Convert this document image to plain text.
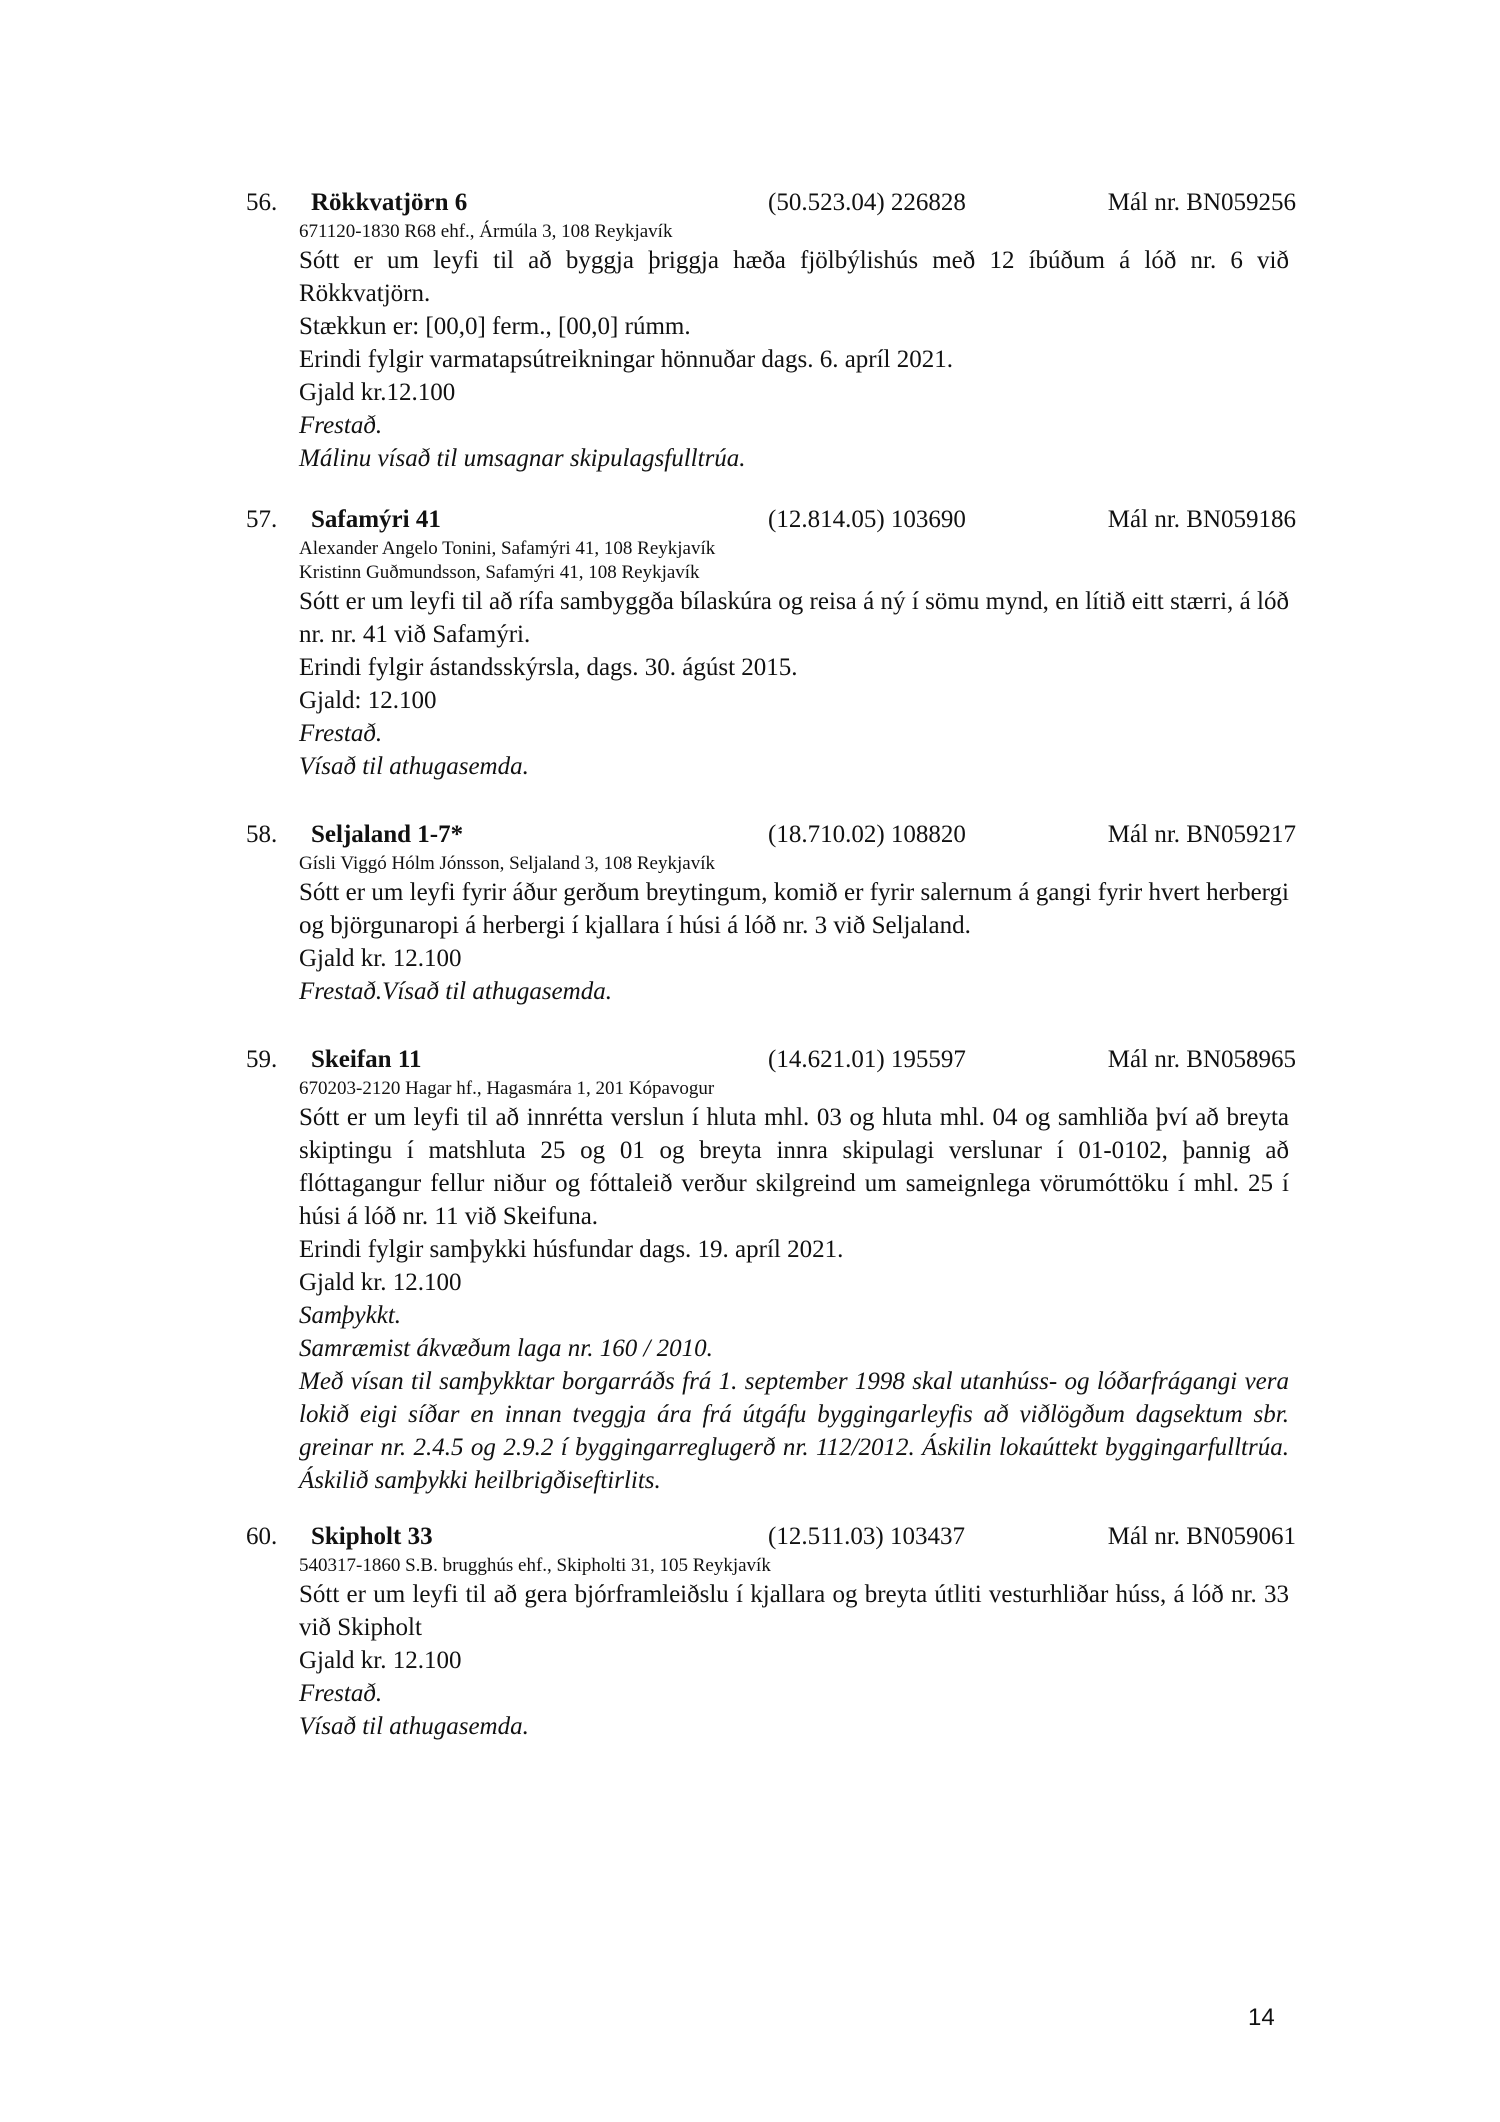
56. Rökkvatjörn 6	(50.523.04) 226828	Mál nr. BN059256
671120-1830 R68 ehf., Ármúla 3, 108 Reykjavík
Sótt er um leyfi til að byggja þriggja hæða fjölbýlishús með 12 íbúðum á lóð nr. 6 við Rökkvatjörn.
Stækkun er: [00,0] ferm., [00,0] rúmm.
Erindi fylgir varmatapsútreikningar hönnuðar dags. 6. apríl 2021.
Gjald kr.12.100
Frestað.
Málinu vísað til umsagnar skipulagsfulltrúa.
57. Safamýri 41	(12.814.05) 103690	Mál nr. BN059186
Alexander Angelo Tonini, Safamýri 41, 108 Reykjavík
Kristinn Guðmundsson, Safamýri 41, 108 Reykjavík
Sótt er um leyfi til að rífa sambyggða bílaskúra og reisa á ný í sömu mynd, en lítið eitt stærri, á lóð nr. nr. 41 við Safamýri.
Erindi fylgir ástandsskýrsla, dags. 30. ágúst 2015.
Gjald: 12.100
Frestað.
Vísað til athugasemda.
58. Seljaland 1-7*	(18.710.02) 108820	Mál nr. BN059217
Gísli Viggó Hólm Jónsson, Seljaland 3, 108 Reykjavík
Sótt er um leyfi fyrir áður gerðum breytingum, komið er fyrir salernum á gangi fyrir hvert herbergi og björgunaropi á herbergi í kjallara í húsi á lóð nr. 3 við Seljaland.
Gjald kr. 12.100
Frestað.Vísað til athugasemda.
59. Skeifan 11	(14.621.01) 195597	Mál nr. BN058965
670203-2120 Hagar hf., Hagasmára 1, 201 Kópavogur
Sótt er um leyfi til að innrétta verslun í hluta mhl. 03 og hluta mhl. 04 og samhliða því að breyta skiptingu í matshluta 25 og 01 og breyta innra skipulagi verslunar í 01-0102, þannig að flóttagangur fellur niður og fóttaleið verður skilgreind um sameignlega vörumóttöku í mhl. 25 í húsi á lóð nr. 11 við Skeifuna.
Erindi fylgir samþykki húsfundar dags. 19. apríl 2021.
Gjald kr. 12.100
Samþykkt.
Samræmist ákvæðum laga nr. 160 / 2010.
Með vísan til samþykktar borgarráðs frá 1. september 1998 skal utanhúss- og lóðarfrágangi vera lokið eigi síðar en innan tveggja ára frá útgáfu byggingarleyfis að viðlögðum dagsektum sbr. greinar nr. 2.4.5 og 2.9.2 í byggingarreglugerð nr. 112/2012. Áskilin lokaúttekt byggingarfulltrúa. Áskilið samþykki heilbrigðiseftirlits.
60. Skipholt 33	(12.511.03) 103437	Mál nr. BN059061
540317-1860 S.B. brugghús ehf., Skipholti 31, 105 Reykjavík
Sótt er um leyfi til að gera bjórframleiðslu í kjallara og breyta útliti vesturhliðar húss, á lóð nr. 33 við Skipholt
Gjald kr. 12.100
Frestað.
Vísað til athugasemda.
14
